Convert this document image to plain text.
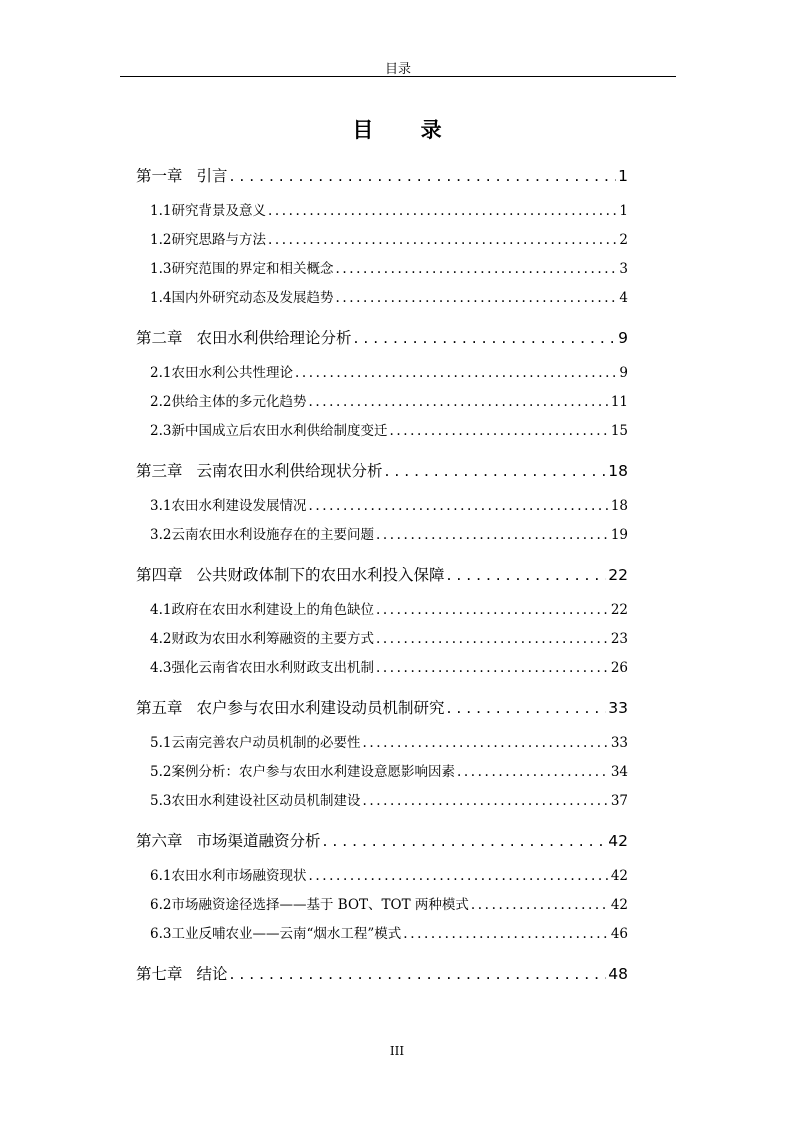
目录
目 录
第一章 引言 . . .	1
1.1 研究背景及意义 .....	1
1.2 研究思路与方法 .....	2
1.3 研究范围的界定和相关概念 .....	3
1.4 国内外研究动态及发展趋势 .....	4
第二章 农田水利供给理论分析 . . .	9
2.1 农田水利公共性理论 .....	9
2.2 供给主体的多元化趋势 .....	11
2.3 新中国成立后农田水利供给制度变迁 .....	15
第三章 云南农田水利供给现状分析 . . .	18
3.1 农田水利建设发展情况 .....	18
3.2 云南农田水利设施存在的主要问题 .....	19
第四章 公共财政体制下的农田水利投入保障 . . .	22
4.1 政府在农田水利建设上的角色缺位 .....	22
4.2 财政为农田水利筹融资的主要方式 .....	23
4.3 强化云南省农田水利财政支出机制 .....	26
第五章 农户参与农田水利建设动员机制研究 . . .	33
5.1 云南完善农户动员机制的必要性 .....	33
5.2 案例分析：农户参与农田水利建设意愿影响因素 .....	34
5.3 农田水利建设社区动员机制建设 .....	37
第六章 市场渠道融资分析 . . .	42
6.1 农田水利市场融资现状 .....	42
6.2 市场融资途径选择——基于 BOT、TOT 两种模式 .....	42
6.3 工业反哺农业——云南“烟水工程”模式 .....	46
第七章 结论 . . .	48
III
